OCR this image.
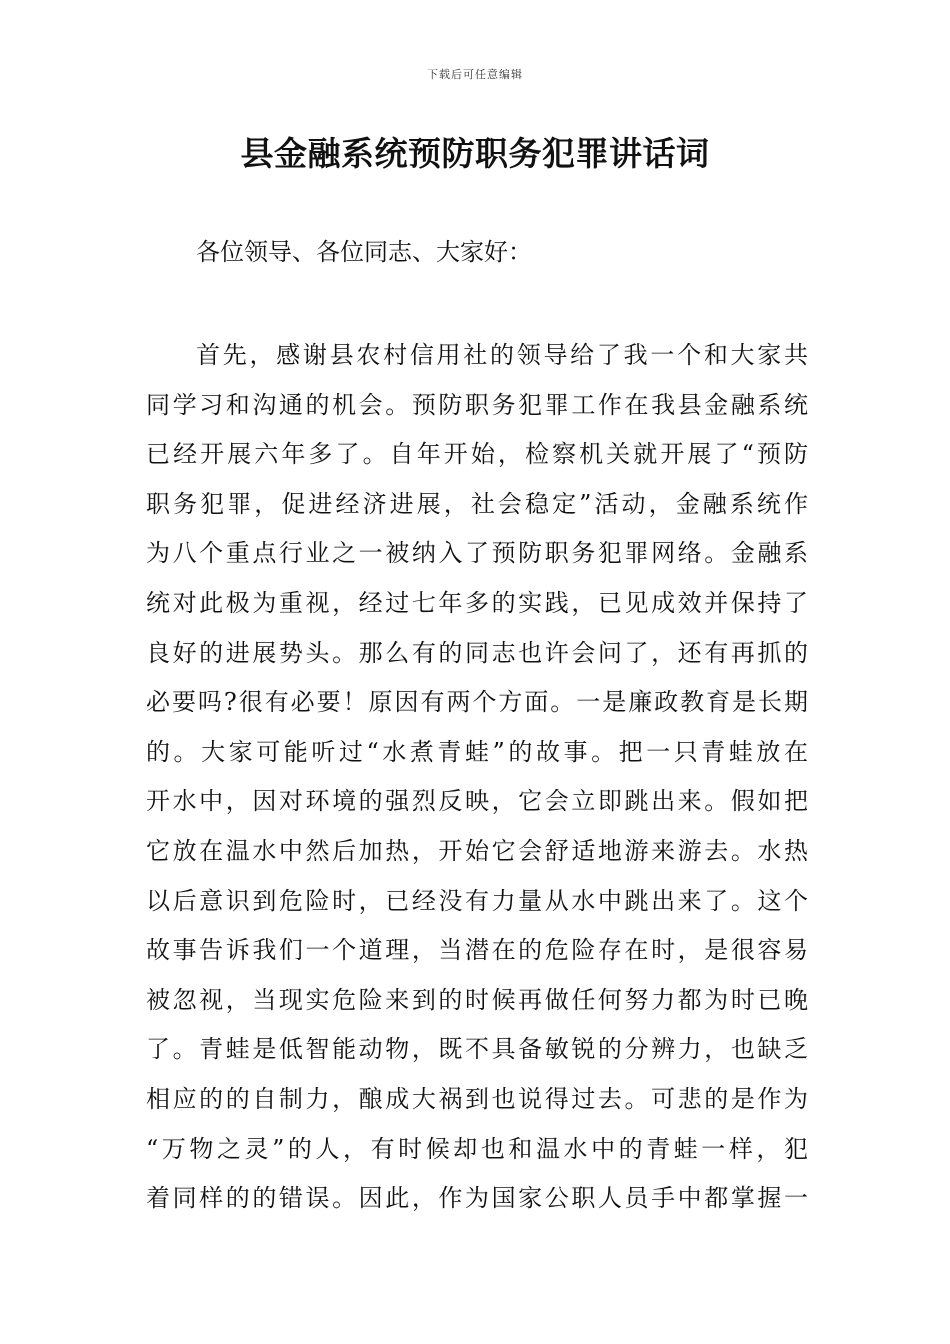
下载后可任意编辑
县金融系统预防职务犯罪讲话词
各位领导、各位同志、大家好：
首先，感谢县农村信用社的领导给了我一个和大家共
同学习和沟通的机会。预防职务犯罪工作在我县金融系统
已经开展六年多了。自年开始，检察机关就开展了“预防
职务犯罪，促进经济进展，社会稳定”活动，金融系统作
为八个重点行业之一被纳入了预防职务犯罪网络。金融系
统对此极为重视，经过七年多的实践，已见成效并保持了
良好的进展势头。那么有的同志也许会问了，还有再抓的
必要吗?很有必要！原因有两个方面。一是廉政教育是长期
的。大家可能听过“水煮青蛙”的故事。把一只青蛙放在
开水中，因对环境的强烈反映，它会立即跳出来。假如把
它放在温水中然后加热，开始它会舒适地游来游去。水热
以后意识到危险时，已经没有力量从水中跳出来了。这个
故事告诉我们一个道理，当潜在的危险存在时，是很容易
被忽视，当现实危险来到的时候再做任何努力都为时已晚
了。青蛙是低智能动物，既不具备敏锐的分辨力，也缺乏
相应的的自制力，酿成大祸到也说得过去。可悲的是作为
“万物之灵”的人，有时候却也和温水中的青蛙一样，犯
着同样的的错误。因此，作为国家公职人员手中都掌握一
